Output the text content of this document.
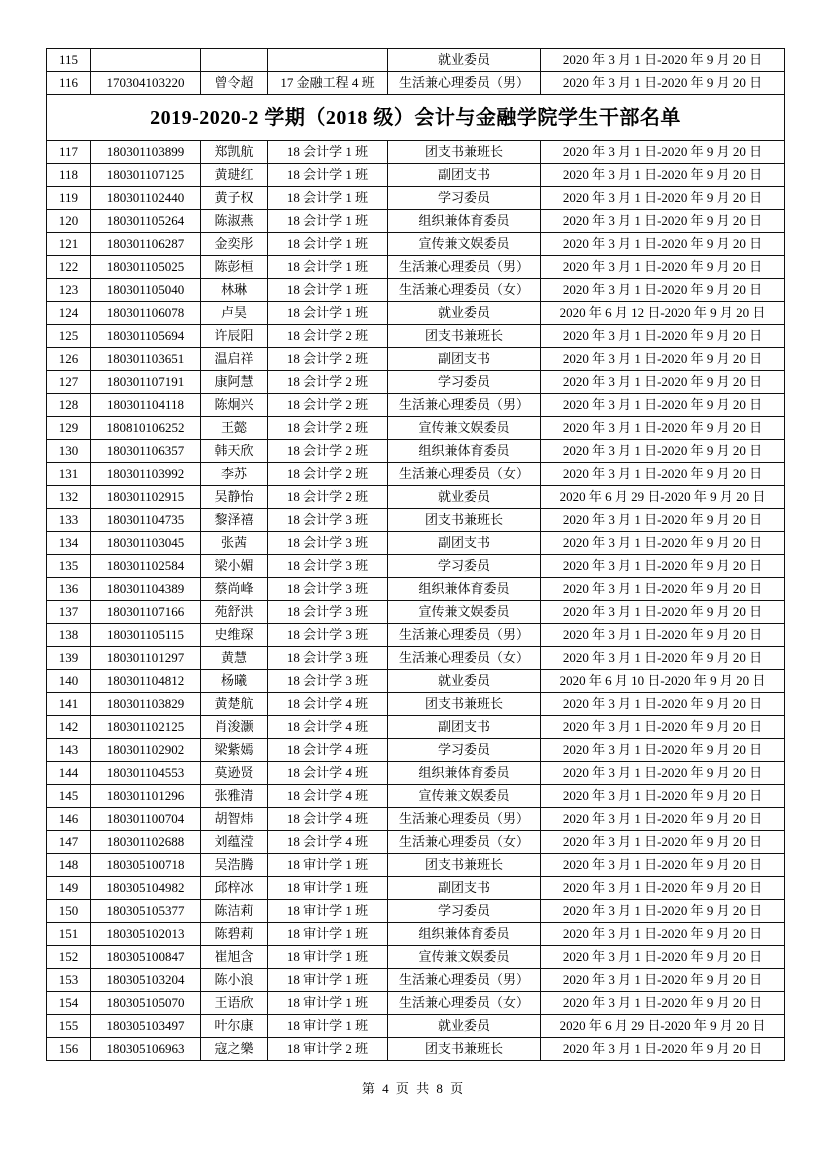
115				就业委员	2020 年 3 月 1 日-2020 年 9 月 20 日
116	170304103220	曾令超	17 金融工程 4 班	生活兼心理委员（男）	2020 年 3 月 1 日-2020 年 9 月 20 日
2019-2020-2 学期（2018 级）会计与金融学院学生干部名单					
117	180301103899	郑凯航	18 会计学 1 班	团支书兼班长	2020 年 3 月 1 日-2020 年 9 月 20 日
118	180301107125	黄琎红	18 会计学 1 班	副团支书	2020 年 3 月 1 日-2020 年 9 月 20 日
119	180301102440	黄子权	18 会计学 1 班	学习委员	2020 年 3 月 1 日-2020 年 9 月 20 日
120	180301105264	陈淑燕	18 会计学 1 班	组织兼体育委员	2020 年 3 月 1 日-2020 年 9 月 20 日
121	180301106287	金奕彤	18 会计学 1 班	宣传兼文娱委员	2020 年 3 月 1 日-2020 年 9 月 20 日
122	180301105025	陈彭桓	18 会计学 1 班	生活兼心理委员（男）	2020 年 3 月 1 日-2020 年 9 月 20 日
123	180301105040	林琳	18 会计学 1 班	生活兼心理委员（女）	2020 年 3 月 1 日-2020 年 9 月 20 日
124	180301106078	卢昊	18 会计学 1 班	就业委员	2020 年 6 月 12 日-2020 年 9 月 20 日
125	180301105694	许辰阳	18 会计学 2 班	团支书兼班长	2020 年 3 月 1 日-2020 年 9 月 20 日
126	180301103651	温启祥	18 会计学 2 班	副团支书	2020 年 3 月 1 日-2020 年 9 月 20 日
127	180301107191	康阿慧	18 会计学 2 班	学习委员	2020 年 3 月 1 日-2020 年 9 月 20 日
128	180301104118	陈炯兴	18 会计学 2 班	生活兼心理委员（男）	2020 年 3 月 1 日-2020 年 9 月 20 日
129	180810106252	王懿	18 会计学 2 班	宣传兼文娱委员	2020 年 3 月 1 日-2020 年 9 月 20 日
130	180301106357	韩天欣	18 会计学 2 班	组织兼体育委员	2020 年 3 月 1 日-2020 年 9 月 20 日
131	180301103992	李苏	18 会计学 2 班	生活兼心理委员（女）	2020 年 3 月 1 日-2020 年 9 月 20 日
132	180301102915	吴静怡	18 会计学 2 班	就业委员	2020 年 6 月 29 日-2020 年 9 月 20 日
133	180301104735	黎泽禧	18 会计学 3 班	团支书兼班长	2020 年 3 月 1 日-2020 年 9 月 20 日
134	180301103045	张茜	18 会计学 3 班	副团支书	2020 年 3 月 1 日-2020 年 9 月 20 日
135	180301102584	梁小媚	18 会计学 3 班	学习委员	2020 年 3 月 1 日-2020 年 9 月 20 日
136	180301104389	蔡尚峰	18 会计学 3 班	组织兼体育委员	2020 年 3 月 1 日-2020 年 9 月 20 日
137	180301107166	苑舒洪	18 会计学 3 班	宣传兼文娱委员	2020 年 3 月 1 日-2020 年 9 月 20 日
138	180301105115	史维琛	18 会计学 3 班	生活兼心理委员（男）	2020 年 3 月 1 日-2020 年 9 月 20 日
139	180301101297	黄慧	18 会计学 3 班	生活兼心理委员（女）	2020 年 3 月 1 日-2020 年 9 月 20 日
140	180301104812	杨曦	18 会计学 3 班	就业委员	2020 年 6 月 10 日-2020 年 9 月 20 日
141	180301103829	黄楚航	18 会计学 4 班	团支书兼班长	2020 年 3 月 1 日-2020 年 9 月 20 日
142	180301102125	肖浚灏	18 会计学 4 班	副团支书	2020 年 3 月 1 日-2020 年 9 月 20 日
143	180301102902	梁紫嫣	18 会计学 4 班	学习委员	2020 年 3 月 1 日-2020 年 9 月 20 日
144	180301104553	莫逊贤	18 会计学 4 班	组织兼体育委员	2020 年 3 月 1 日-2020 年 9 月 20 日
145	180301101296	张雅清	18 会计学 4 班	宣传兼文娱委员	2020 年 3 月 1 日-2020 年 9 月 20 日
146	180301100704	胡智炜	18 会计学 4 班	生活兼心理委员（男）	2020 年 3 月 1 日-2020 年 9 月 20 日
147	180301102688	刘蕴滢	18 会计学 4 班	生活兼心理委员（女）	2020 年 3 月 1 日-2020 年 9 月 20 日
148	180305100718	吴浩腾	18 审计学 1 班	团支书兼班长	2020 年 3 月 1 日-2020 年 9 月 20 日
149	180305104982	邱梓冰	18 审计学 1 班	副团支书	2020 年 3 月 1 日-2020 年 9 月 20 日
150	180305105377	陈洁莉	18 审计学 1 班	学习委员	2020 年 3 月 1 日-2020 年 9 月 20 日
151	180305102013	陈碧莉	18 审计学 1 班	组织兼体育委员	2020 年 3 月 1 日-2020 年 9 月 20 日
152	180305100847	崔旭含	18 审计学 1 班	宣传兼文娱委员	2020 年 3 月 1 日-2020 年 9 月 20 日
153	180305103204	陈小浪	18 审计学 1 班	生活兼心理委员（男）	2020 年 3 月 1 日-2020 年 9 月 20 日
154	180305105070	王语欣	18 审计学 1 班	生活兼心理委员（女）	2020 年 3 月 1 日-2020 年 9 月 20 日
155	180305103497	叶尔康	18 审计学 1 班	就业委员	2020 年 6 月 29 日-2020 年 9 月 20 日
156	180305106963	寇之樂	18 审计学 2 班	团支书兼班长	2020 年 3 月 1 日-2020 年 9 月 20 日
第 4 页 共 8 页
